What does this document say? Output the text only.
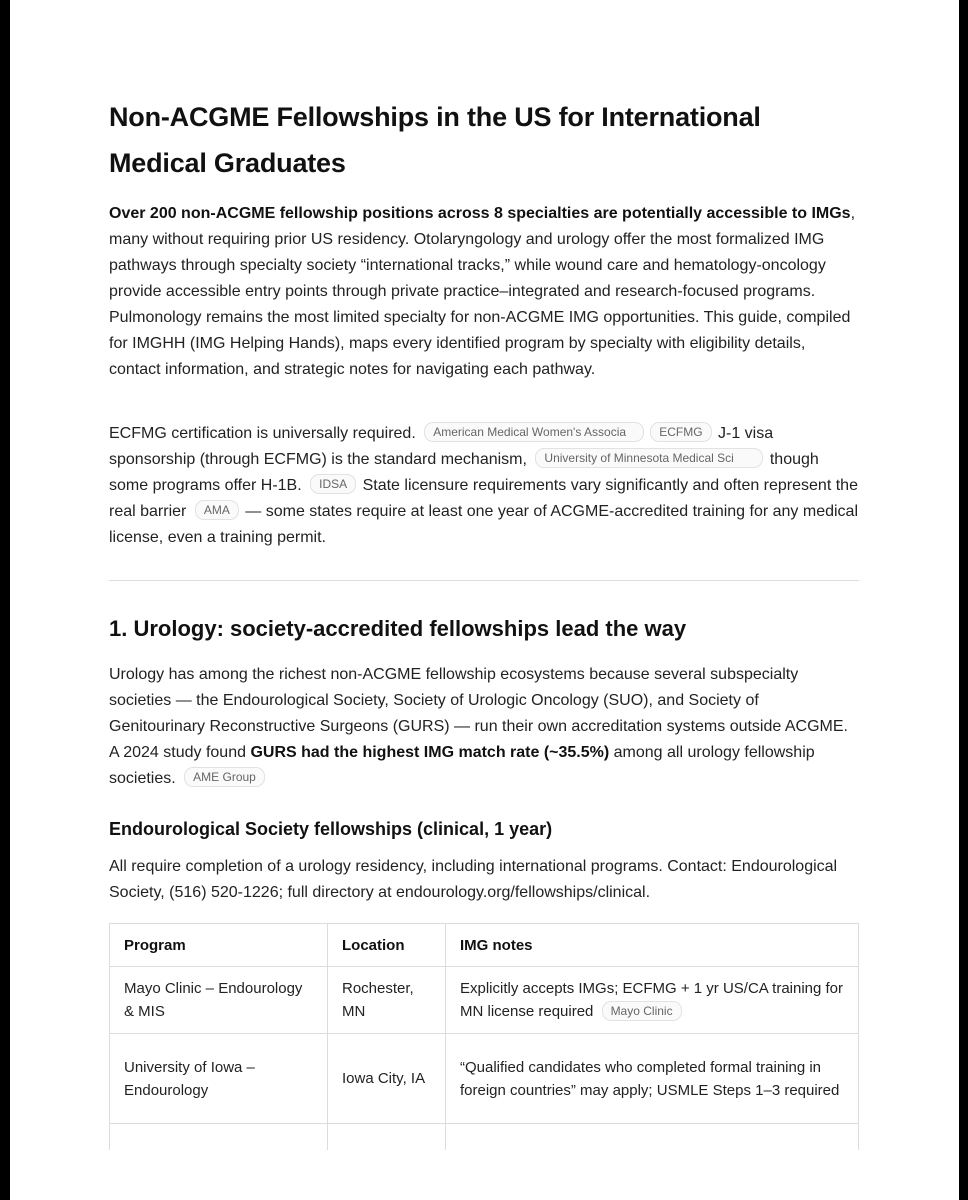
Non-ACGME Fellowships in the US for International Medical Graduates

Over 200 non-ACGME fellowship positions across 8 specialties are potentially accessible to IMGs, many without requiring prior US residency. Otolaryngology and urology offer the most formalized IMG pathways through specialty society “international tracks,” while wound care and hematology-oncology provide accessible entry points through private practice–integrated and research-focused programs. Pulmonology remains the most limited specialty for non-ACGME IMG opportunities. This guide, compiled for IMGHH (IMG Helping Hands), maps every identified program by specialty with eligibility details, contact information, and strategic notes for navigating each pathway.

ECFMG certification is universally required. American Medical Women's Associa	ECFMG J-1 visa sponsorship (through ECFMG) is the standard mechanism, University of Minnesota Medical Sci though some programs offer H-1B. IDSA State licensure requirements vary significantly and often represent the real barrier AMA — some states require at least one year of ACGME-accredited training for any medical license, even a training permit.

1. Urology: society-accredited fellowships lead the way

Urology has among the richest non-ACGME fellowship ecosystems because several subspecialty societies — the Endourological Society, Society of Urologic Oncology (SUO), and Society of Genitourinary Reconstructive Surgeons (GURS) — run their own accreditation systems outside ACGME. A 2024 study found GURS had the highest IMG match rate (~35.5%) among all urology fellowship societies. AME Group

Endourological Society fellowships (clinical, 1 year)

All require completion of a urology residency, including international programs. Contact: Endourological Society, (516) 520-1226; full directory at endourology.org/fellowships/clinical.

Program	Location	IMG notes
Mayo Clinic – Endourology & MIS	Rochester, MN	Explicitly accepts IMGs; ECFMG + 1 yr US/CA training for MN license required Mayo Clinic
University of Iowa – Endourology	Iowa City, IA	“Qualified candidates who completed formal training in foreign countries” may apply; USMLE Steps 1–3 required
